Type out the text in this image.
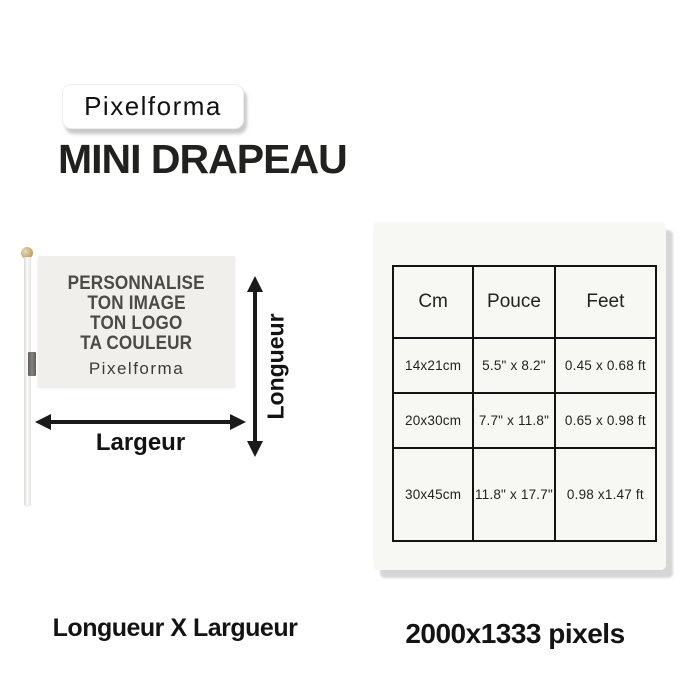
Pixelforma
MINI DRAPEAU
PERSONNALISE
TON IMAGE
TON LOGO
TA COULEUR
Pixelforma
Largeur
Longueur
Cm	Pouce	Feet
14x21cm	5.5" x 8.2"	0.45 x 0.68 ft
20x30cm	7.7" x 11.8"	0.65 x 0.98 ft
30x45cm	11.8" x 17.7"	0.98 x1.47 ft
Longueur X Largueur	2000x1333 pixels
